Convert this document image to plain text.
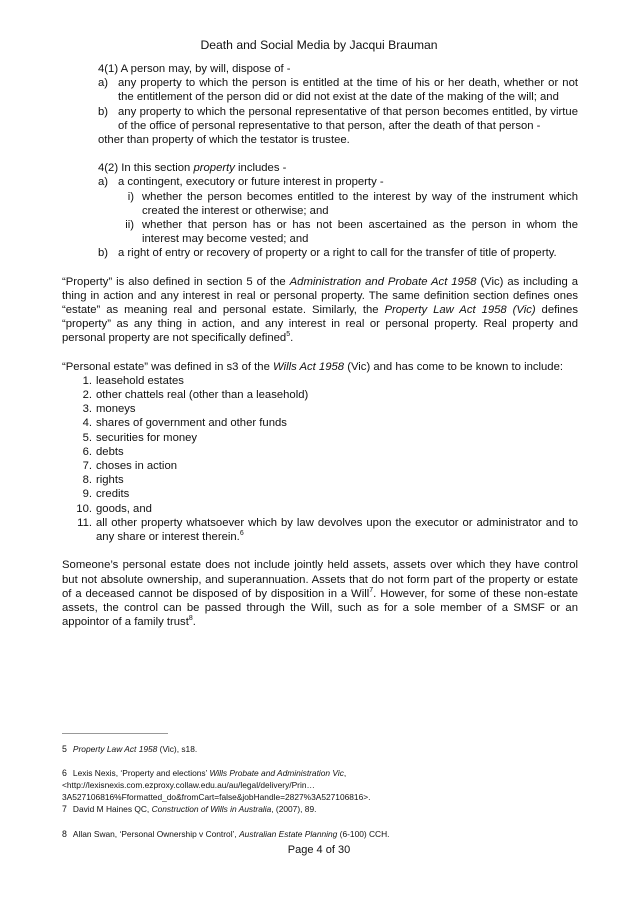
Death and Social Media by Jacqui Brauman
4(1) A person may, by will, dispose of -
a) any property to which the person is entitled at the time of his or her death, whether or not the entitlement of the person did or did not exist at the date of the making of the will; and
b) any property to which the personal representative of that person becomes entitled, by virtue of the office of personal representative to that person, after the death of that person -
other than property of which the testator is trustee.
4(2) In this section property includes -
a) a contingent, executory or future interest in property -
i) whether the person becomes entitled to the interest by way of the instrument which created the interest or otherwise; and
ii) whether that person has or has not been ascertained as the person in whom the interest may become vested; and
b) a right of entry or recovery of property or a right to call for the transfer of title of property.
“Property” is also defined in section 5 of the Administration and Probate Act 1958 (Vic) as including a thing in action and any interest in real or personal property. The same definition section defines ones “estate” as meaning real and personal estate. Similarly, the Property Law Act 1958 (Vic) defines “property” as any thing in action, and any interest in real or personal property. Real property and personal property are not specifically defined$^5$.
“Personal estate” was defined in s3 of the Wills Act 1958 (Vic) and has come to be known to include:
1. leasehold estates
2. other chattels real (other than a leasehold)
3. moneys
4. shares of government and other funds
5. securities for money
6. debts
7. choses in action
8. rights
9. credits
10. goods, and
11. all other property whatsoever which by law devolves upon the executor or administrator and to any share or interest therein.$^6$
Someone’s personal estate does not include jointly held assets, assets over which they have control but not absolute ownership, and superannuation. Assets that do not form part of the property or estate of a deceased cannot be disposed of by disposition in a Will$^7$. However, for some of these non-estate assets, the control can be passed through the Will, such as for a sole member of a SMSF or an appointor of a family trust$^8$.
5 Property Law Act 1958 (Vic), s18.
6 Lexis Nexis, ‘Property and elections’ Wills Probate and Administration Vic, <http://lexisnexis.com.ezproxy.collaw.edu.au/au/legal/delivery/Prin…3A527106816%Fformatted_do&fromCart=false&jobHandle=2827%3A527106816>.
7 David M Haines QC, Construction of Wills in Australia, (2007), 89.
8 Allan Swan, ‘Personal Ownership v Control’, Australian Estate Planning (6-100) CCH.
Page 4 of 30
